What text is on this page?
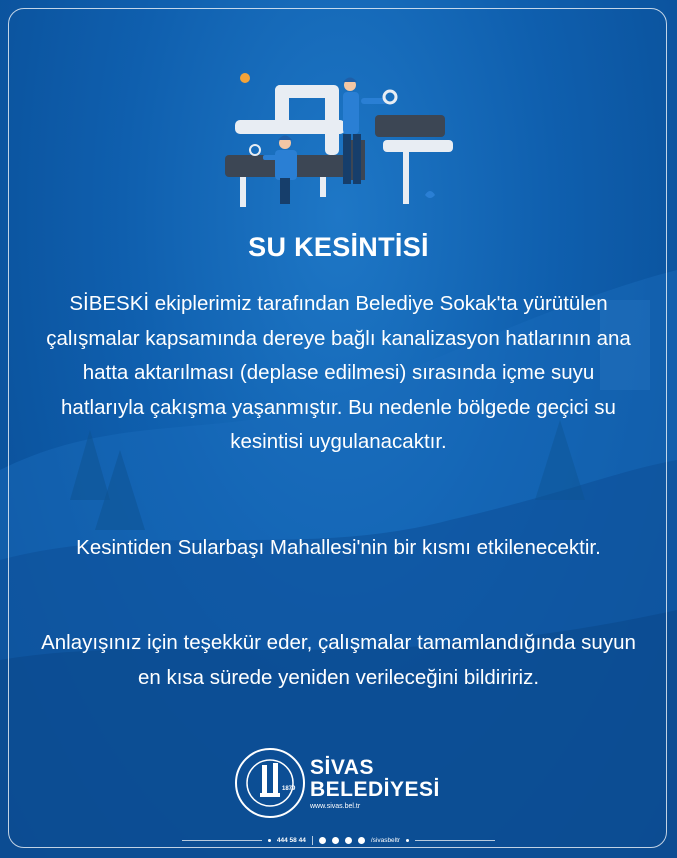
SU KESİNTİSİ
SİBESKİ ekiplerimiz tarafından Belediye Sokak'ta yürütülen çalışmalar kapsamında dereye bağlı kanalizasyon hatlarının ana hatta aktarılması (deplase edilmesi) sırasında içme suyu hatlarıyla çakışma yaşanmıştır. Bu nedenle bölgede geçici su kesintisi uygulanacaktır.
Kesintiden Sularbaşı Mahallesi'nin bir kısmı etkilenecektir.
Anlayışınız için teşekkür eder, çalışmalar tamamlandığında suyun en kısa sürede yeniden verileceğini bildiririz.
1879
SİVAS
BELEDİYESİ
www.sivas.bel.tr
444 58 44	/sivasbeltr
